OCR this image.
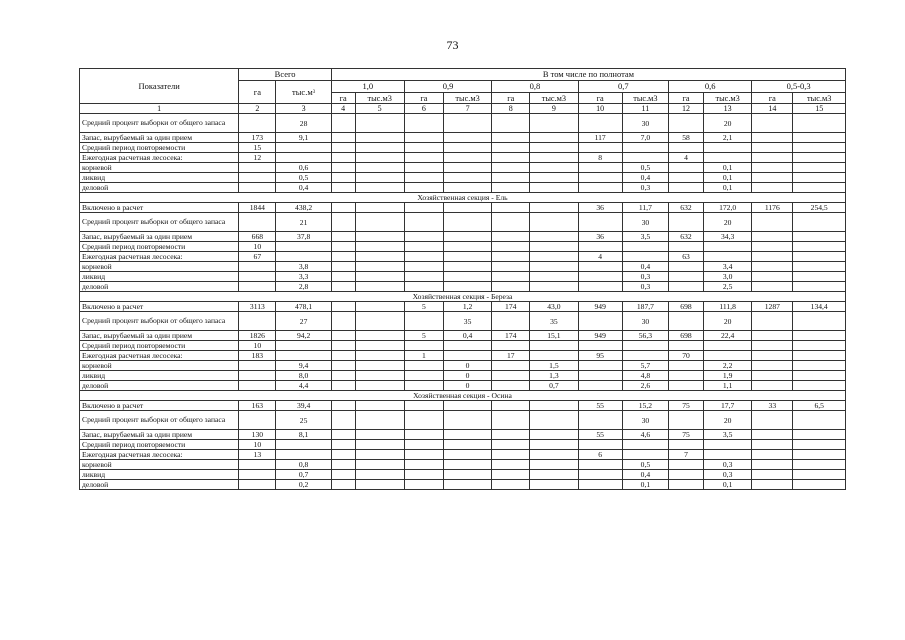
73
Показатели	Всего		В том числе по полнотам											
	га	$тыс.м^3$	1,0		0,9		0,8		0,7		0,6		0,5-0,3	
			га	тыс.м3	га	тыс.м3	га	тыс.м3	га	тыс.м3	га	тыс.м3	га	тыс.м3
1	2	3	4	5	6	7	8	9	10	11	12	13	14	15
Средний процент выборки от общего запаса		28								30		20		
Запас, вырубаемый за один прием	173	9,1							117	7,0	58	2,1		
Средний период повторяемости	15													
Ежегодная расчетная лесосека:	12								8		4			
корневой		0,6								0,5		0,1		
ликвид		0,5								0,4		0,1		
деловой		0,4								0,3		0,1		
Хозяйственная секция - Ель														
Включено в расчет	1844	438,2							36	11,7	632	172,0	1176	254,5
Средний процент выборки от общего запаса		21								30		20		
Запас, вырубаемый за один прием	668	37,8							36	3,5	632	34,3		
Средний период повторяемости	10													
Ежегодная расчетная лесосека:	67								4		63			
корневой		3,8								0,4		3,4		
ликвид		3,3								0,3		3,0		
деловой		2,8								0,3		2,5		
Хозяйственная секция - Береза														
Включено в расчет	3113	478,1			5	1,2	174	43,0	949	187,7	698	111,8	1287	134,4
Средний процент выборки от общего запаса		27				35		35		30		20		
Запас, вырубаемый за один прием	1826	94,2			5	0,4	174	15,1	949	56,3	698	22,4		
Средний период повторяемости	10													
Ежегодная расчетная лесосека:	183				1		17		95		70			
корневой		9,4				0		1,5		5,7		2,2		
ликвид		8,0				0		1,3		4,8		1,9		
деловой		4,4				0		0,7		2,6		1,1		
Хозяйственная секция - Осина														
Включено в расчет	163	39,4							55	15,2	75	17,7	33	6,5
Средний процент выборки от общего запаса		25								30		20		
Запас, вырубаемый за один прием	130	8,1							55	4,6	75	3,5		
Средний период повторяемости	10													
Ежегодная расчетная лесосека:	13								6		7			
корневой		0,8								0,5		0,3		
ликвид		0,7								0,4		0,3		
деловой		0,2								0,1		0,1		
